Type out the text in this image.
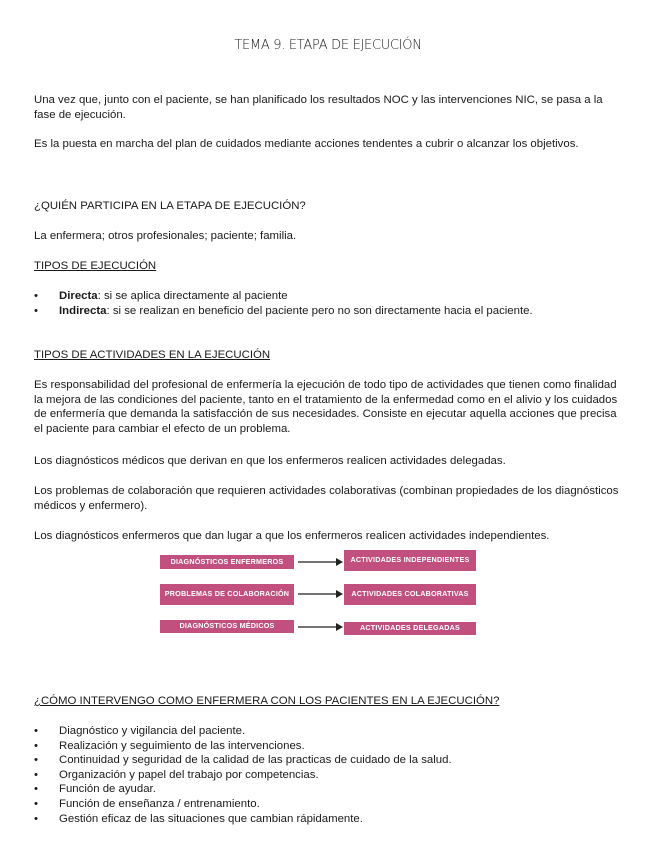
TEMA 9. ETAPA DE EJECUCIÓN
Una vez que, junto con el paciente, se han planificado los resultados NOC y las intervenciones NIC, se pasa a la fase de ejecución.
Es la puesta en marcha del plan de cuidados mediante acciones tendentes a cubrir o alcanzar los objetivos.
¿QUIÉN PARTICIPA EN LA ETAPA DE EJECUCIÓN?
La enfermera; otros profesionales; paciente; familia.
TIPOS DE EJECUCIÓN
• Directa: si se aplica directamente al paciente
• Indirecta: si se realizan en beneficio del paciente pero no son directamente hacia el paciente.
TIPOS DE ACTIVIDADES EN LA EJECUCIÓN
Es responsabilidad del profesional de enfermería la ejecución de todo tipo de actividades que tienen como finalidad la mejora de las condiciones del paciente, tanto en el tratamiento de la enfermedad como en el alivio y los cuidados de enfermería que demanda la satisfacción de sus necesidades. Consiste en ejecutar aquella acciones que precisa el paciente para cambiar el efecto de un problema.
Los diagnósticos médicos que derivan en que los enfermeros realicen actividades delegadas.
Los problemas de colaboración que requieren actividades colaborativas (combinan propiedades de los diagnósticos médicos y enfermero).
Los diagnósticos enfermeros que dan lugar a que los enfermeros realicen actividades independientes.
DIAGNÓSTICOS ENFERMEROS	ACTIVIDADES INDEPENDIENTES
PROBLEMAS DE COLABORACIÓN	ACTIVIDADES COLABORATIVAS
DIAGNÓSTICOS MÉDICOS	ACTIVIDADES DELEGADAS
¿CÓMO INTERVENGO COMO ENFERMERA CON LOS PACIENTES EN LA EJECUCIÓN?
• Diagnóstico y vigilancia del paciente.
• Realización y seguimiento de las intervenciones.
• Continuidad y seguridad de la calidad de las practicas de cuidado de la salud.
• Organización y papel del trabajo por competencias.
• Función de ayudar.
• Función de enseñanza / entrenamiento.
• Gestión eficaz de las situaciones que cambian rápidamente.
